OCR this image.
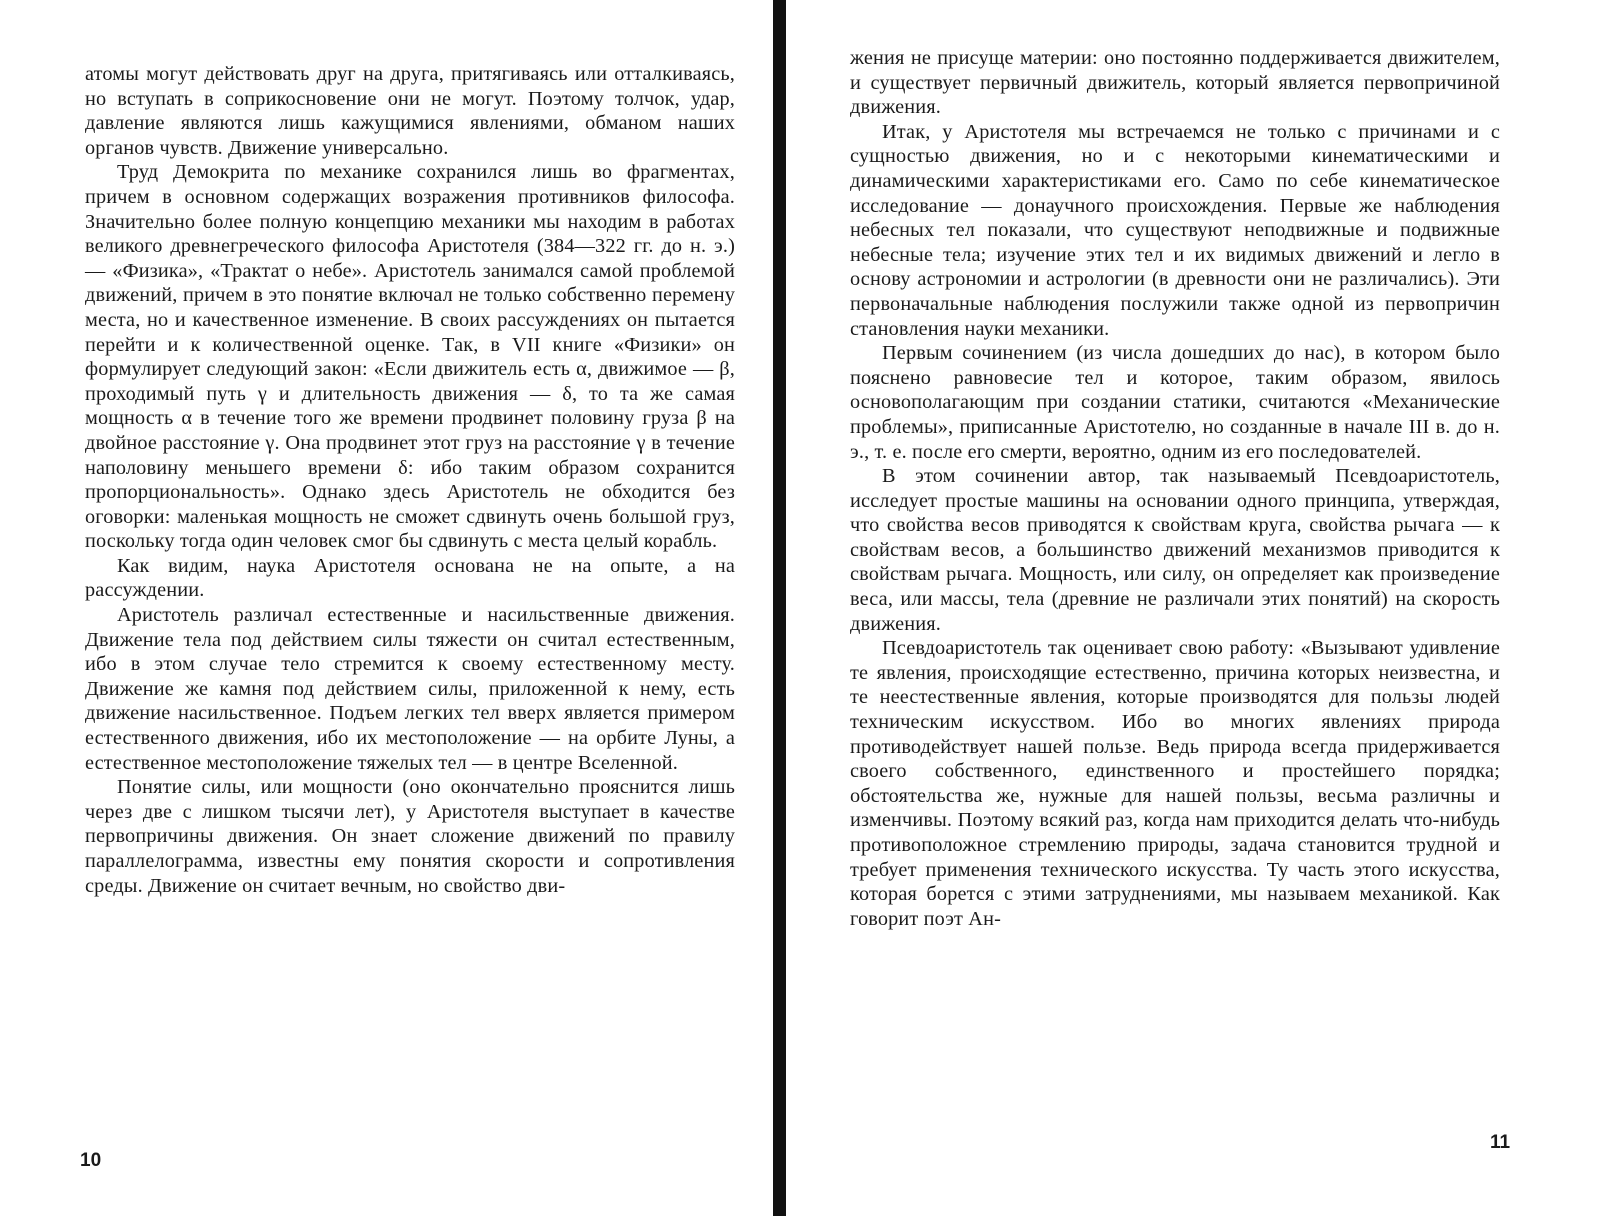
атомы могут действовать друг на друга, притягиваясь или отталкиваясь, но вступать в соприкосновение они не могут. Поэтому толчок, удар, давление являются лишь кажущимися явлениями, обманом наших органов чувств. Движение универсально.

Труд Демокрита по механике сохранился лишь во фрагментах, причем в основном содержащих возражения противников философа. Значительно более полную концепцию механики мы находим в работах великого древнегреческого философа Аристотеля (384—322 гг. до н. э.) — «Физика», «Трактат о небе». Аристотель занимался самой проблемой движений, причем в это понятие включал не только собственно перемену места, но и качественное изменение. В своих рассуждениях он пытается перейти и к количественной оценке. Так, в VII книге «Физики» он формулирует следующий закон: «Если движитель есть α, движимое — β, проходимый путь γ и длительность движения — δ, то та же самая мощность α в течение того же времени продвинет половину груза β на двойное расстояние γ. Она продвинет этот груз на расстояние γ в течение наполовину меньшего времени δ: ибо таким образом сохранится пропорциональность». Однако здесь Аристотель не обходится без оговорки: маленькая мощность не сможет сдвинуть очень большой груз, поскольку тогда один человек смог бы сдвинуть с места целый корабль.

Как видим, наука Аристотеля основана не на опыте, а на рассуждении.

Аристотель различал естественные и насильственные движения. Движение тела под действием силы тяжести он считал естественным, ибо в этом случае тело стремится к своему естественному месту. Движение же камня под действием силы, приложенной к нему, есть движение насильственное. Подъем легких тел вверх является примером естественного движения, ибо их местоположение — на орбите Луны, а естественное местоположение тяжелых тел — в центре Вселенной.

Понятие силы, или мощности (оно окончательно прояснится лишь через две с лишком тысячи лет), у Аристотеля выступает в качестве первопричины движения. Он знает сложение движений по правилу параллелограмма, известны ему понятия скорости и сопротивления среды. Движение он считает вечным, но свойство дви-

10

жения не присуще материи: оно постоянно поддерживается движителем, и существует первичный движитель, который является первопричиной движения.

Итак, у Аристотеля мы встречаемся не только с причинами и с сущностью движения, но и с некоторыми кинематическими и динамическими характеристиками его. Само по себе кинематическое исследование — донаучного происхождения. Первые же наблюдения небесных тел показали, что существуют неподвижные и подвижные небесные тела; изучение этих тел и их видимых движений и легло в основу астрономии и астрологии (в древности они не различались). Эти первоначальные наблюдения послужили также одной из первопричин становления науки механики.

Первым сочинением (из числа дошедших до нас), в котором было пояснено равновесие тел и которое, таким образом, явилось основополагающим при создании статики, считаются «Механические проблемы», приписанные Аристотелю, но созданные в начале III в. до н. э., т. е. после его смерти, вероятно, одним из его последователей.

В этом сочинении автор, так называемый Псевдоаристотель, исследует простые машины на основании одного принципа, утверждая, что свойства весов приводятся к свойствам круга, свойства рычага — к свойствам весов, а большинство движений механизмов приводится к свойствам рычага. Мощность, или силу, он определяет как произведение веса, или массы, тела (древние не различали этих понятий) на скорость движения.

Псевдоаристотель так оценивает свою работу: «Вызывают удивление те явления, происходящие естественно, причина которых неизвестна, и те неестественные явления, которые производятся для пользы людей техническим искусством. Ибо во многих явлениях природа противодействует нашей пользе. Ведь природа всегда придерживается своего собственного, единственного и простейшего порядка; обстоятельства же, нужные для нашей пользы, весьма различны и изменчивы. Поэтому всякий раз, когда нам приходится делать что-нибудь противоположное стремлению природы, задача становится трудной и требует применения технического искусства. Ту часть этого искусства, которая борется с этими затруднениями, мы называем механикой. Как говорит поэт Ан-

11
